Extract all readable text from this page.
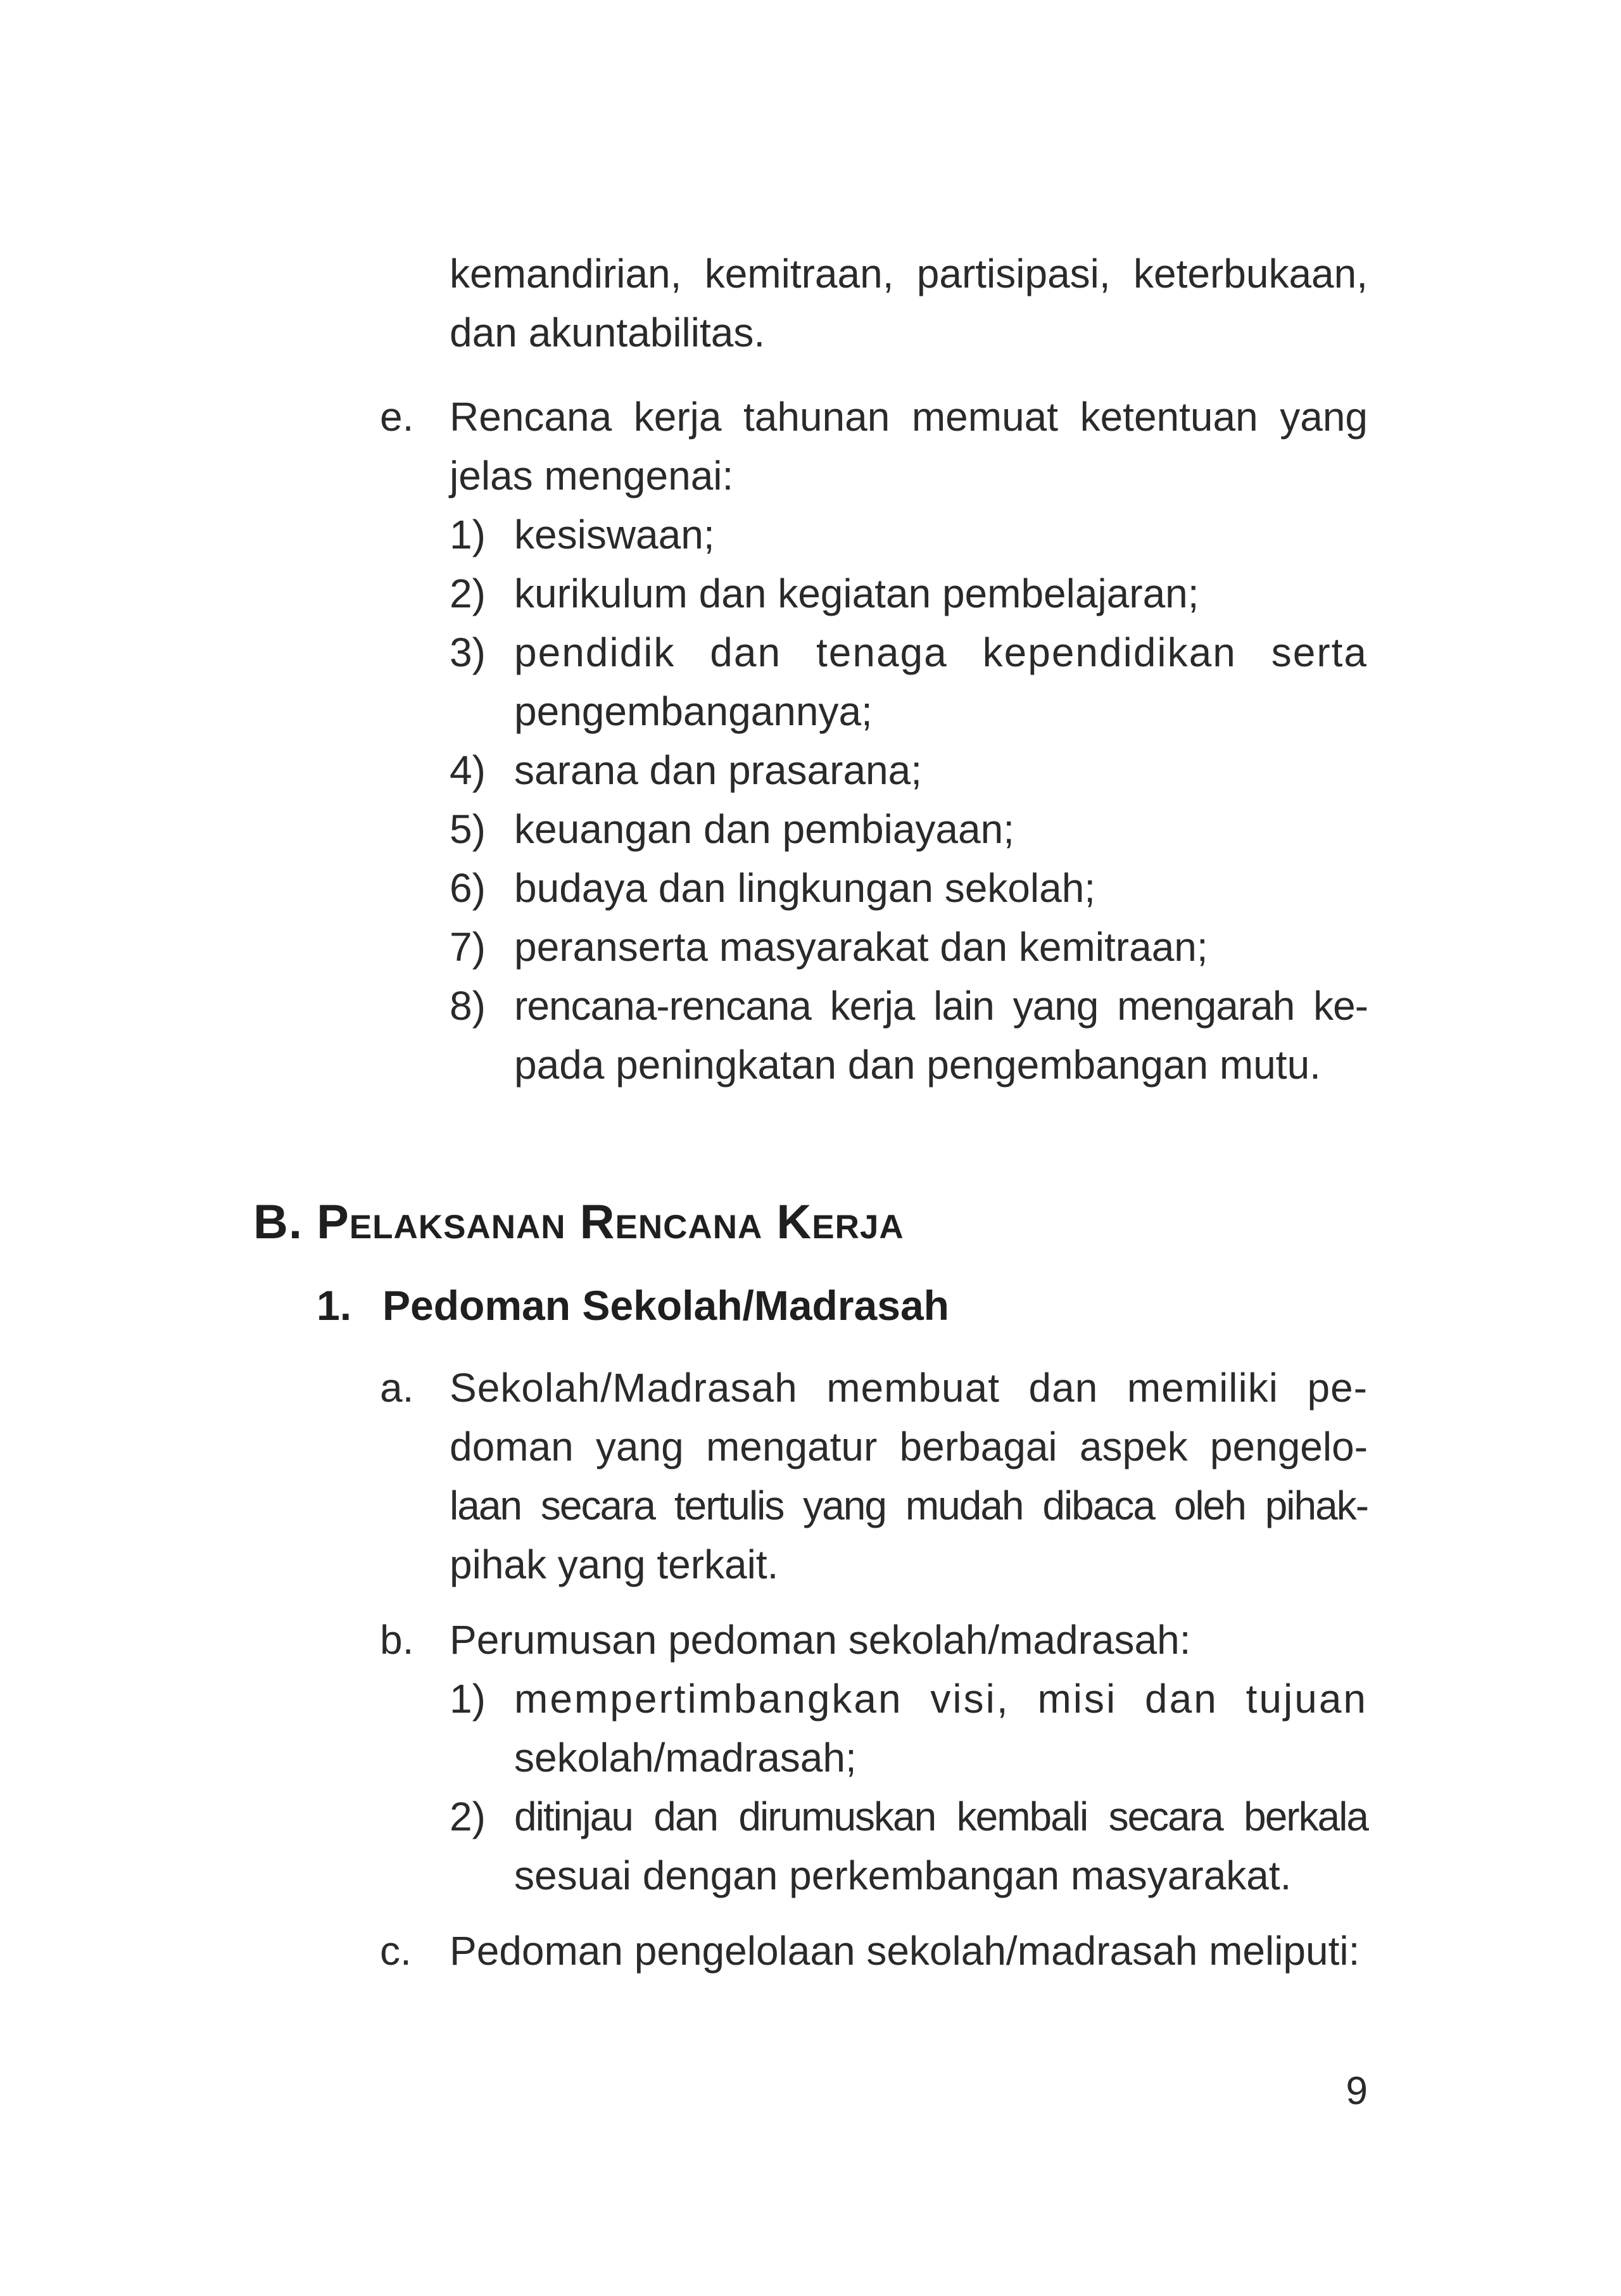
kemandirian, kemitraan, partisipasi, keterbukaan,
dan akuntabilitas.
e. Rencana kerja tahunan memuat ketentuan yang
jelas mengenai:
1) kesiswaan;
2) kurikulum dan kegiatan pembelajaran;
3) pendidik dan tenaga kependidikan serta
pengembangannya;
4) sarana dan prasarana;
5) keuangan dan pembiayaan;
6) budaya dan lingkungan sekolah;
7) peranserta masyarakat dan kemitraan;
8) rencana-rencana kerja lain yang mengarah ke-
pada peningkatan dan pengembangan mutu.
B. Pelaksanan Rencana Kerja
1. Pedoman Sekolah/Madrasah
a. Sekolah/Madrasah membuat dan memiliki pe-
doman yang mengatur berbagai aspek pengelo-
laan secara tertulis yang mudah dibaca oleh pihak-
pihak yang terkait.
b. Perumusan pedoman sekolah/madrasah:
1) mempertimbangkan visi, misi dan tujuan
sekolah/madrasah;
2) ditinjau dan dirumuskan kembali secara berkala
sesuai dengan perkembangan masyarakat.
c. Pedoman pengelolaan sekolah/madrasah meliputi:
9
